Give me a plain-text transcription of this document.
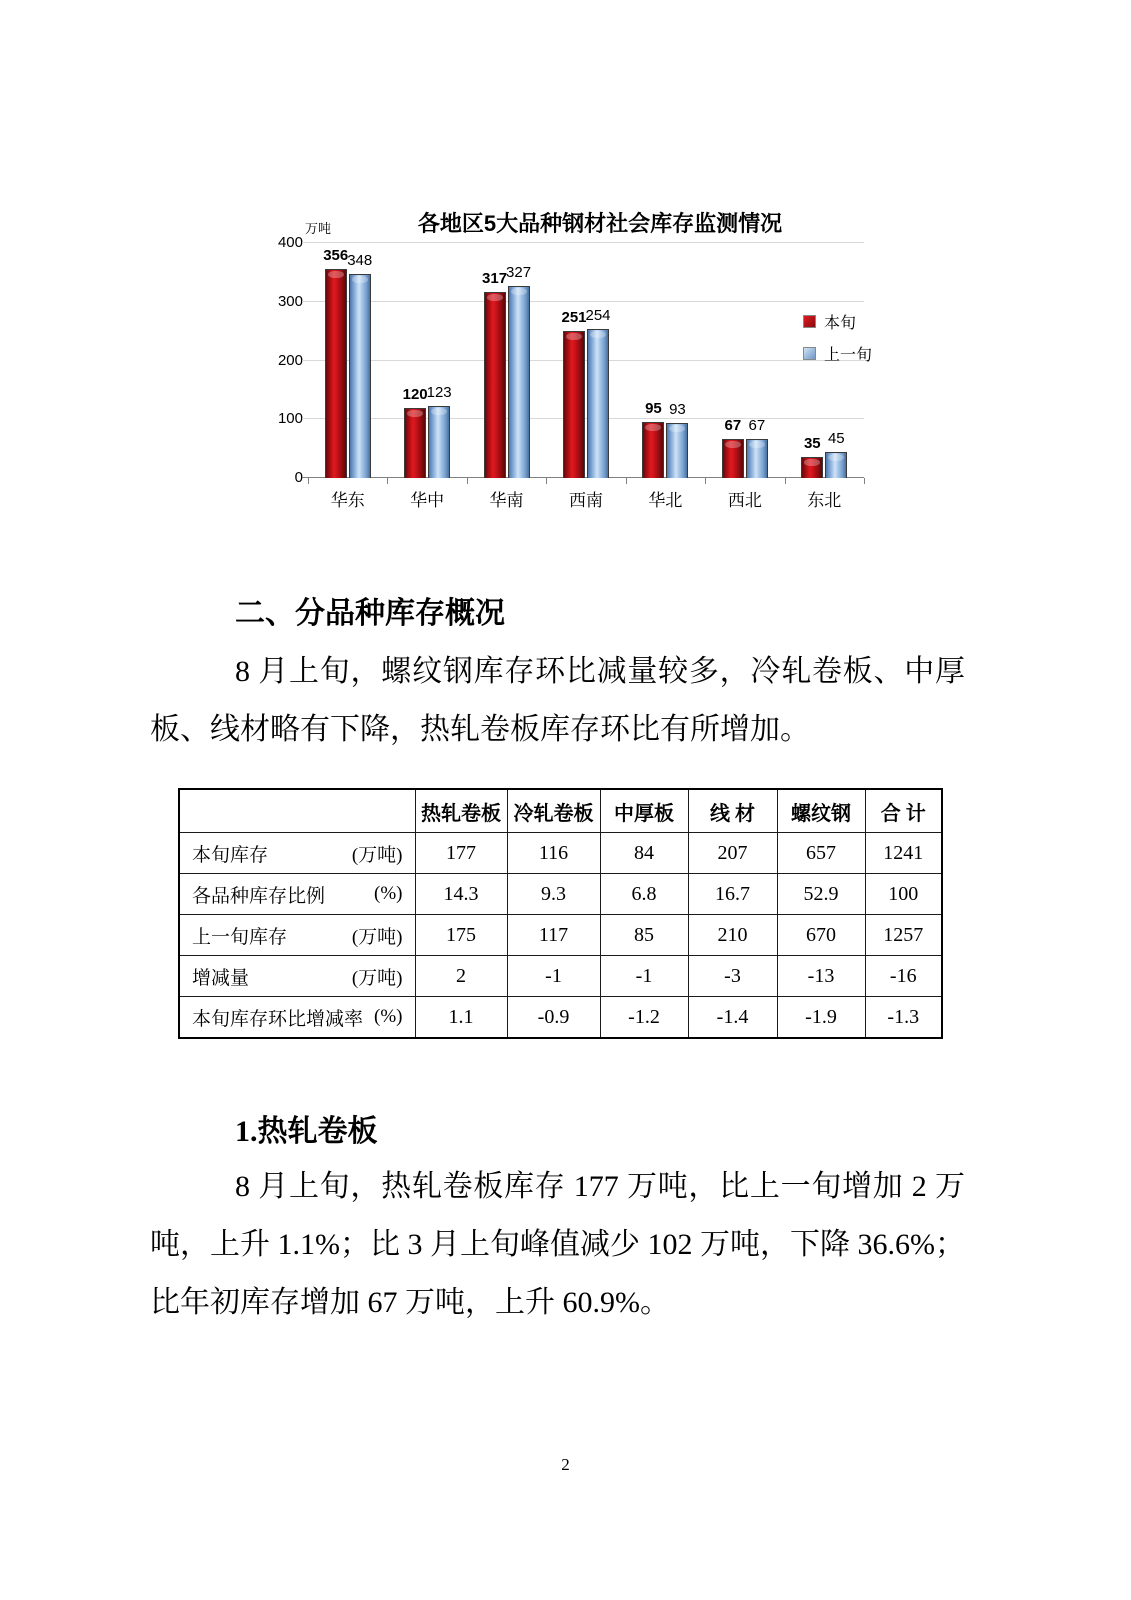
各地区5大品种钢材社会库存监测情况
万吨
0
100
200
300
400
356
348
120
123
317
327
251
254
95 93
67 67
35 45
华东	华中	华南	西南	华北	西北	东北
本旬
上一旬
二、分品种库存概况
8 月上旬，螺纹钢库存环比减量较多，冷轧卷板、中厚板、线材略有下降，热轧卷板库存环比有所增加。
	热轧卷板	冷轧卷板	中厚板	线 材	螺纹钢	合 计

本旬库存 (万吨)	177	116	84	207	657	1241

各品种库存比例 (%)	14.3	9.3	6.8	16.7	52.9	100

上一旬库存 (万吨)	175	117	85	210	670	1257

增减量 (万吨)	2	-1	-1	-3	-13	-16

本旬库存环比增减率 (%)	1.1	-0.9	-1.2	-1.4	-1.9	-1.3
1.热轧卷板
8 月上旬，热轧卷板库存 177 万吨，比上一旬增加 2 万吨，上升 1.1%；比 3 月上旬峰值减少 102 万吨，下降 36.6%；比年初库存增加 67 万吨，上升 60.9%。
2
